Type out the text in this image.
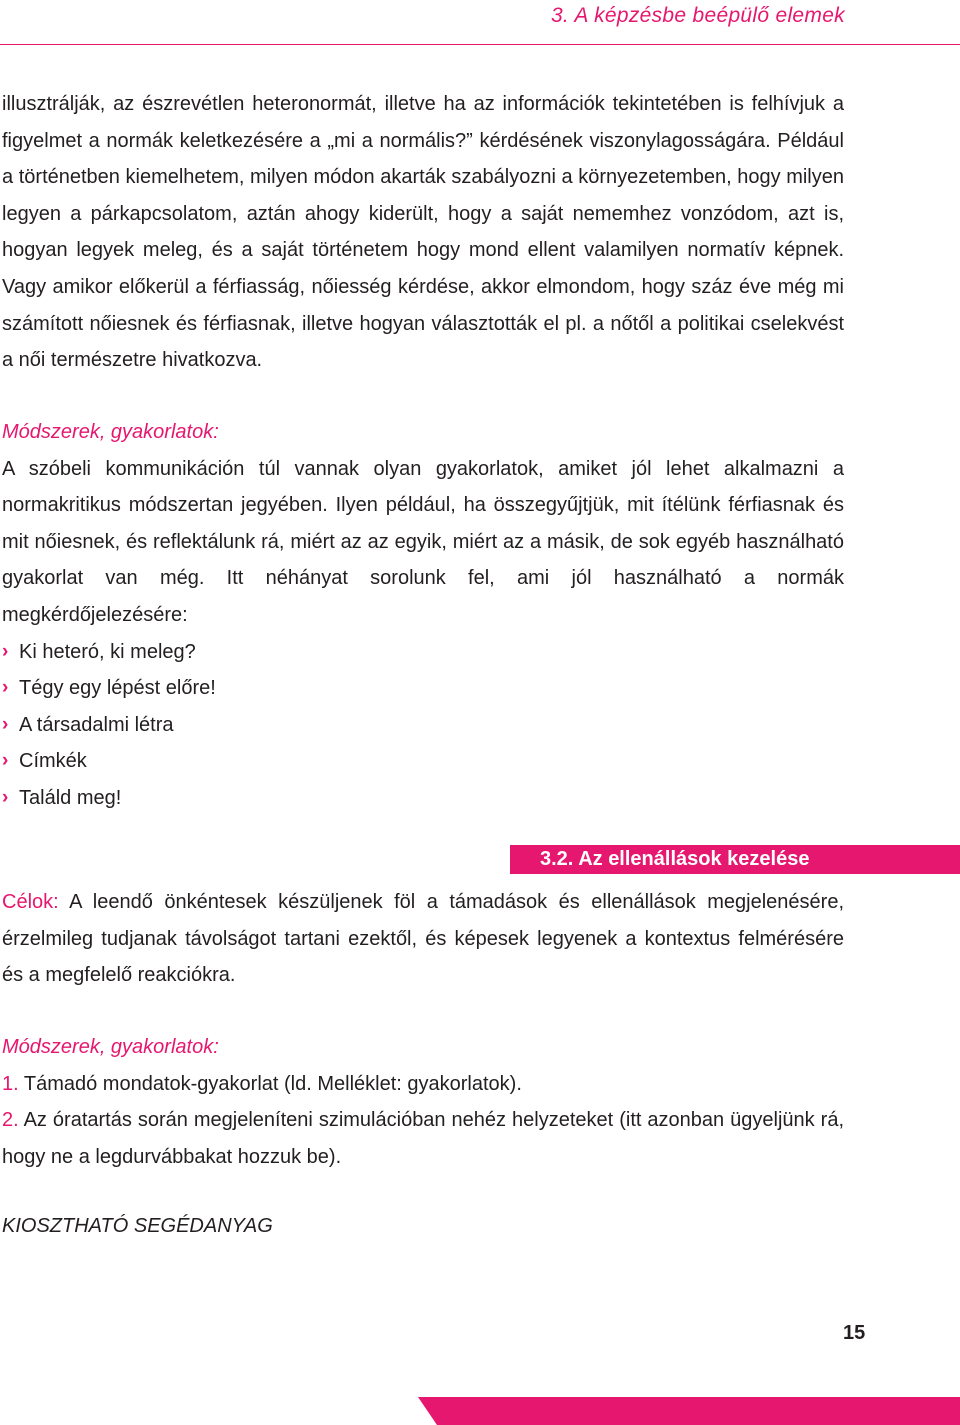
3. A képzésbe beépülő elemek

illusztrálják, az észrevétlen heteronormát, illetve ha az információk tekintetében is felhívjuk a figyelmet a normák keletkezésére a „mi a normális?” kérdésének viszonylagosságára. Például a történetben kiemelhetem, milyen módon akarták szabályozni a környezetemben, hogy milyen legyen a párkapcsolatom, aztán ahogy kiderült, hogy a saját nememhez vonzódom, azt is, hogyan legyek meleg, és a saját történetem hogy mond ellent valamilyen normatív képnek. Vagy amikor előkerül a férfiasság, nőiesség kérdése, akkor elmondom, hogy száz éve még mi számított nőiesnek és férfiasnak, illetve hogyan választották el pl. a nőtől a politikai cselekvést a női természetre hivatkozva.

Módszerek, gyakorlatok:

A szóbeli kommunikáción túl vannak olyan gyakorlatok, amiket jól lehet alkalmazni a normakritikus módszertan jegyében. Ilyen például, ha összegyűjtjük, mit ítélünk férfiasnak és mit nőiesnek, és reflektálunk rá, miért az az egyik, miért az a másik, de sok egyéb használható gyakorlat van még. Itt néhányat sorolunk fel, ami jól használható a normák megkérdőjelezésére:

› Ki heteró, ki meleg?
› Tégy egy lépést előre!
› A társadalmi létra
› Címkék
› Találd meg!
3.2. Az ellenállások kezelése

Célok: A leendő önkéntesek készüljenek föl a támadások és ellenállások megjelenésére, érzelmileg tudjanak távolságot tartani ezektől, és képesek legyenek a kontextus felmérésére és a megfelelő reakciókra.

Módszerek, gyakorlatok:

1. Támadó mondatok-gyakorlat (ld. Melléklet: gyakorlatok).
2. Az óratartás során megjeleníteni szimulációban nehéz helyzeteket (itt azonban ügyeljünk rá, hogy ne a legdurvábbakat hozzuk be).

KIOSZTHATÓ SEGÉDANYAG

15
